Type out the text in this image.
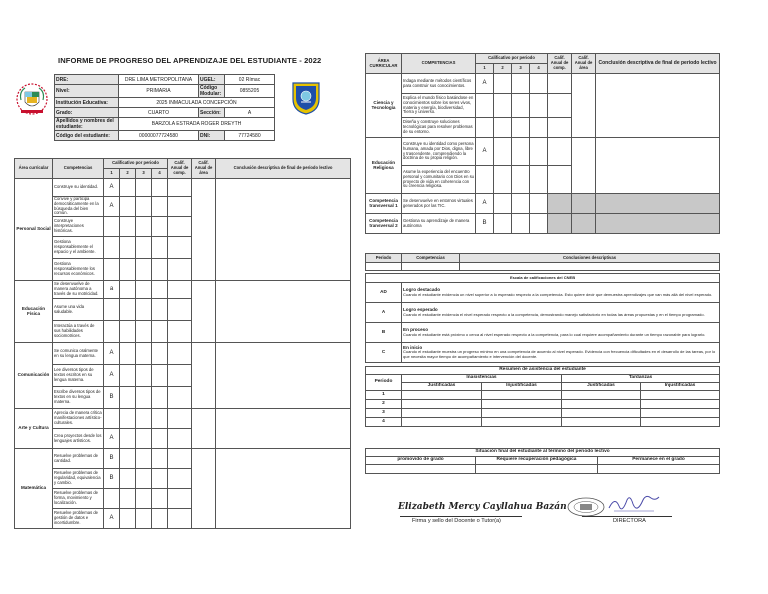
INFORME DE PROGRESO DEL APRENDIZAJE DEL ESTUDIANTE - 2022
DRE:	DRE LIMA METROPOLITANA	UGEL:	02 Rímac
Nivel:	PRIMARIA	Código Modular:	0855205
Institución Educativa:	2025 INMACULADA CONCEPCIÓN		
Grado:	CUARTO	Sección:	A
Apellidos y nombres del estudiante:	BARZOLA ESTRADA ROGER DREYTH		
Código del estudiante:	00000077724580	DNI:	77724580
Área curricular	Competencias	Calificativo por periodo				Calif. Anual de comp.	Calif. Anual de área	Conclusión descriptiva de final de periodo lectivo
		1	2	3	4			
Personal Social	Construye su identidad.	A						
	Convive y participa democráticamente en la búsqueda del bien común.	A						
	Construye interpretaciones históricas.							
	Gestiona responsablemente el espacio y el ambiente.							
	Gestiona responsablemente los recursos económicos.							
Educación Física	Se desenvuelve de manera autónoma a través de su motricidad.	a						
	Asume una vida saludable.							
	Interactúa a través de sus habilidades sociomotrices.							
Comunicación	Se comunica oralmente en su lengua materna.	A						
	Lee diversos tipos de textos escritos en su lengua materna.	A						
	Escribe diversos tipos de textos en su lengua materna.	B						
Arte y Cultura	Aprecia de manera crítica manifestaciones artístico-culturales.							
	Crea proyectos desde los lenguajes artísticos.	A						
Matemática	Resuelve problemas de cantidad.	B						
	Resuelve problemas de regularidad, equivalencia y cambio.	B						
	Resuelve problemas de forma, movimiento y localización.							
	Resuelve problemas de gestión de datos e incertidumbre.	A						
ÁREA CURRICULAR	COMPETENCIAS	Calificativo por periodo				Calif. Anual de comp.	Calif. Anual de área	Conclusión descriptiva de final de periodo lectivo
		1	2	3	4			
Ciencia y Tecnología	Indaga mediante métodos científicos para construir sus conocimientos.	A						
	Explica el mundo físico basándose en conocimientos sobre los seres vivos, materia y energía, biodiversidad, Tierra y universo.							
	Diseña y construye soluciones tecnológicas para resolver problemas de su entorno.							
Educación Religiosa	Construye su identidad como persona humana, amada por Dios, digna, libre y trascendente, comprendiendo la doctrina de su propia religión.	A						
	Asume la experiencia del encuentro personal y comunitario con Dios en su proyecto de vida en coherencia con su creencia religiosa.							
Competencia transversal 1	Se desenvuelve en entornos virtuales generados por las TIC.	A						
Competencia transversal 2	Gestiona su aprendizaje de manera autónoma	B						
Periodo	Competencias	Conclusiones descriptivas

Escala de calificaciones del CNEB	
AD	Logro destacado
Cuando el estudiante evidencia un nivel superior a lo esperado respecto a la competencia. Esto quiere decir que demuestra aprendizajes que van más allá del nivel esperado.

A	Logro esperado
Cuando el estudiante evidencia el nivel esperado respecto a la competencia, demostrando manejo satisfactorio en todas las áreas propuestas y en el tiempo programado.

B	En proceso
Cuando el estudiante está próximo o cerca al nivel esperado respecto a la competencia, para lo cual requiere acompañamiento durante un tiempo razonable para lograrlo.

C	En inicio
Cuando el estudiante muestra un progreso mínimo en una competencia de acuerdo al nivel esperado. Evidencia con frecuencia dificultades en el desarrollo de las tareas, por lo que necesita mayor tiempo de acompañamiento e intervención del docente.
Resumen de asistencia del estudiante				
Periodo	Inasistencias		Tardanzas	
	Justificadas	Injustificadas	Justificadas	Injustificadas
1				
2				
3				
4				
Situación final del estudiante al término del periodo lectivo		
promovido de grado	Requiere recuperación pedagógica	Permanece en el grado

Elizabeth Mercy Cayllahua Bazán
Firma y sello del Docente o Tutor(a)	DIRECTORA
